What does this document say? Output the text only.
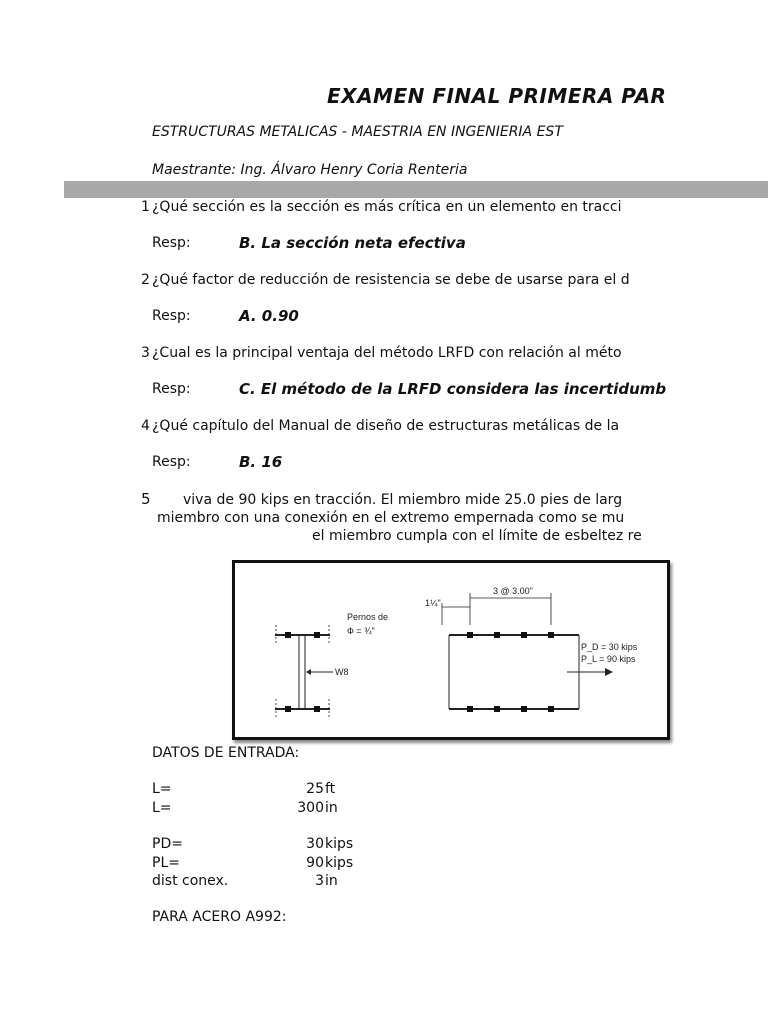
EXAMEN FINAL PRIMERA PAR
ESTRUCTURAS METALICAS - MAESTRIA EN INGENIERIA EST
Maestrante: Ing. Álvaro Henry Coria Renteria
1 ¿Qué sección es la sección es más crítica en un elemento en tracci
Resp:	B. La sección neta efectiva
2 ¿Qué factor de reducción de resistencia se debe de usarse para el d
Resp:	A. 0.90
3 ¿Cual es la principal ventaja del método LRFD con relación al méto
Resp:	C. El método de la LRFD considera las incertidumb
4 ¿Qué capítulo del Manual de diseño de estructuras metálicas de la
Resp:	B. 16
5 viva de 90 kips en tracción. El miembro mide 25.0 pies de larg
miembro con una conexión en el extremo empernada como se mu
el miembro cumpla con el límite de esbeltez re
W8
Pernos de
Ф = ¾"
1¼"
3 @ 3.00"
P_D = 30 kips
P_L = 90 kips
DATOS DE ENTRADA:
L=	25 ft
L=	300 in
PD=	30 kips
PL=	90 kips
dist conex.	3 in
PARA ACERO A992:
